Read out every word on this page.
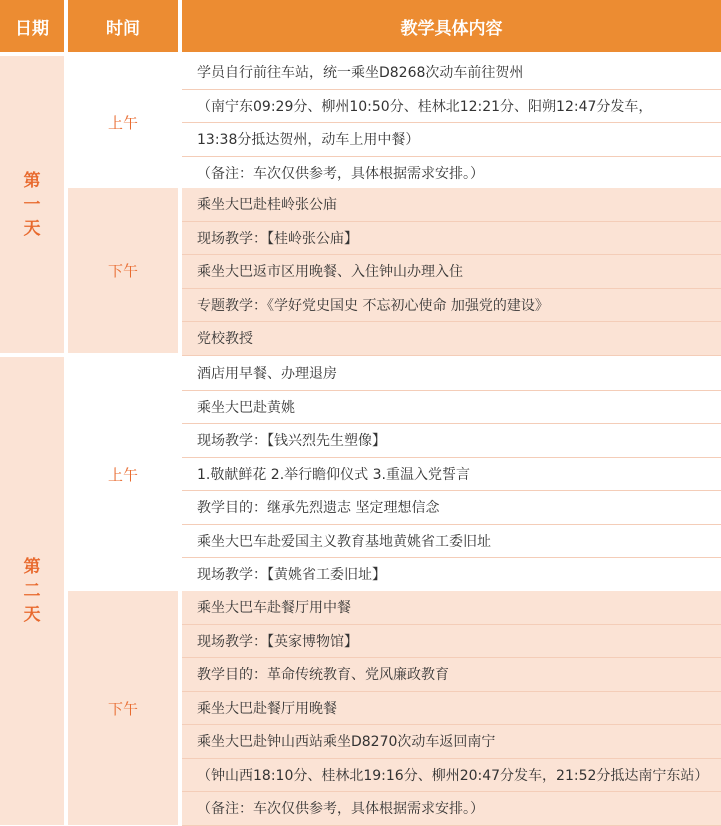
日期	时间	教学具体内容
第一天
上午
下午
学员自行前往车站，统一乘坐D8268次动车前往贺州
（南宁东09:29分、柳州10:50分、桂林北12:21分、阳朔12:47分发车，
13:38分抵达贺州，动车上用中餐）
（备注：车次仅供参考，具体根据需求安排。）
乘坐大巴赴桂岭张公庙
现场教学：【桂岭张公庙】
乘坐大巴返市区用晚餐、入住钟山办理入住
专题教学：《学好党史国史 不忘初心使命 加强党的建设》
党校教授
第二天
上午
下午
酒店用早餐、办理退房
乘坐大巴赴黄姚
现场教学：【钱兴烈先生塑像】
1.敬献鲜花 2.举行瞻仰仪式 3.重温入党誓言
教学目的：继承先烈遗志 坚定理想信念
乘坐大巴车赴爱国主义教育基地黄姚省工委旧址
现场教学：【黄姚省工委旧址】
乘坐大巴车赴餐厅用中餐
现场教学：【英家博物馆】
教学目的：革命传统教育、党风廉政教育
乘坐大巴赴餐厅用晚餐
乘坐大巴赴钟山西站乘坐D8270次动车返回南宁
（钟山西18:10分、桂林北19:16分、柳州20:47分发车，21:52分抵达南宁东站）
（备注：车次仅供参考，具体根据需求安排。）
